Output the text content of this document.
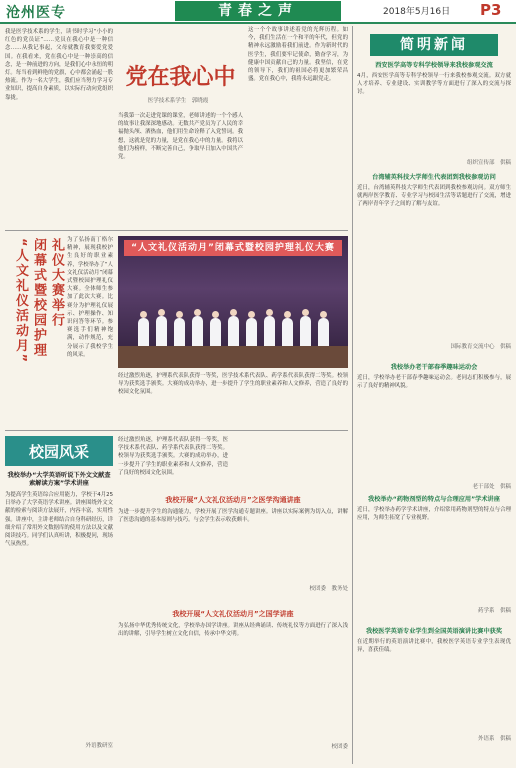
沧州医专	青春之声	2018年5月16日 P3
我是医学技术系的学生，读书时学习“小小的红色的党员证”……党员在我心中是一种信念……从我记事起，父母就教育我要爱党爱国。在我看来，党在我心中是一种崇高的信念，是一种前进的方向，是我们心中永恒的明灯。每当看到鲜艳的党旗，心中都会涌起一股热流。作为一名大学生，我们应当努力学习专业知识，提高自身素质，以实际行动向党组织靠拢。
党在我心中
医学技术系学生　郭晓霞
当我第一次走进党课的课堂，老师讲述的一个个感人的故事让我深深地感动。无数共产党员为了人民的幸福抛头颅、洒热血，他们用生命诠释了入党誓词。我想，这就是党的力量，是党在我心中的力量。我将以他们为榜样，不断完善自己，争取早日加入中国共产党。
这一个个故事讲述着党的光辉历程。如今，我们生活在一个和平的年代，但党的精神永远激励着我们前进。作为新时代的医学生，我们要牢记使命，勤奋学习，为健康中国贡献自己的力量。我坚信，在党的领导下，我们的祖国必将更加繁荣昌盛。党在我心中，我将永远跟党走。
“人文礼仪活动月” 闭幕式暨校园护理 礼仪大赛举行 为了弘扬南丁格尔精神，展现我校护生良好的职业素养，学校举办了“人文礼仪活动月”闭幕式暨校园护理礼仪大赛。全体师生参加了此次大赛。比赛分为护理礼仪展示、护理操作、知识问答等环节。参赛选手们精神饱满，动作规范，充分展示了我校学生的风采。
“人文礼仪活动月”闭幕式暨校园护理礼仪大赛
经过激烈角逐，护理系代表队获得一等奖，医学技术系代表队、药学系代表队获得二等奖。校领导为获奖选手颁奖。大赛的成功举办，进一步提升了学生的职业素养和人文修养，营造了良好的校园文化氛围。
校园风采
我校举办“大学英语听说下外文文献查索解读方案”学术讲座
为提高学生英语综合应用能力，学校于4月25日举办了大学英语学术讲座。讲座围绕外文文献的检索与阅读方法展开，内容丰富，实用性强。讲座中，主讲老师结合自身科研经历，详细介绍了常用外文数据库的使用方法以及文献阅读技巧。同学们认真听讲，积极提问，现场气氛热烈。
外语教研室
经过激烈角逐，护理系代表队获得一等奖，医学技术系代表队、药学系代表队获得二等奖。校领导为获奖选手颁奖。大赛的成功举办，进一步提升了学生的职业素养和人文修养，营造了良好的校园文化氛围。
我校开展“人文礼仪活动月”之医学沟通讲座
为进一步提升学生的沟通能力，学校开展了医学沟通专题讲座。讲座以实际案例为切入点，讲解了医患沟通的基本原则与技巧。与会学生表示收获颇丰。
校团委　教务处
我校开展“人文礼仪活动月”之国学讲座
为弘扬中华优秀传统文化，学校举办国学讲座。讲座从经典诵读、传统礼仪等方面进行了深入浅出的讲解，引导学生树立文化自信，传承中华文明。
校团委
简明新闻
西安医学高等专科学校领导来我校参观交流
4月，西安医学高等专科学校领导一行来我校参观交流。双方就人才培养、专业建设、实训教学等方面进行了深入的交流与探讨。
组织宣传部　供稿
台湾辅英科技大学师生代表团到我校参观访问
近日，台湾辅英科技大学师生代表团到我校参观访问。双方师生就两岸医学教育、专业学习与校园生活等话题进行了交流，增进了两岸青年学子之间的了解与友谊。
国际教育交流中心　供稿
我校举办老干部春季趣味运动会
近日，学校举办老干部春季趣味运动会。老同志们积极参与，展示了良好的精神风貌。
老干部处　供稿
我校举办“药物剂型的特点与合理应用”学术讲座
近日，学校举办药学学术讲座，介绍常用药物剂型的特点与合理应用，为师生拓宽了专业视野。
药学系　供稿
我校医学英语专业学生到全国英语演讲比赛中获奖
在近期举行的英语演讲比赛中，我校医学英语专业学生表现优异，喜获佳绩。
外语系　供稿
